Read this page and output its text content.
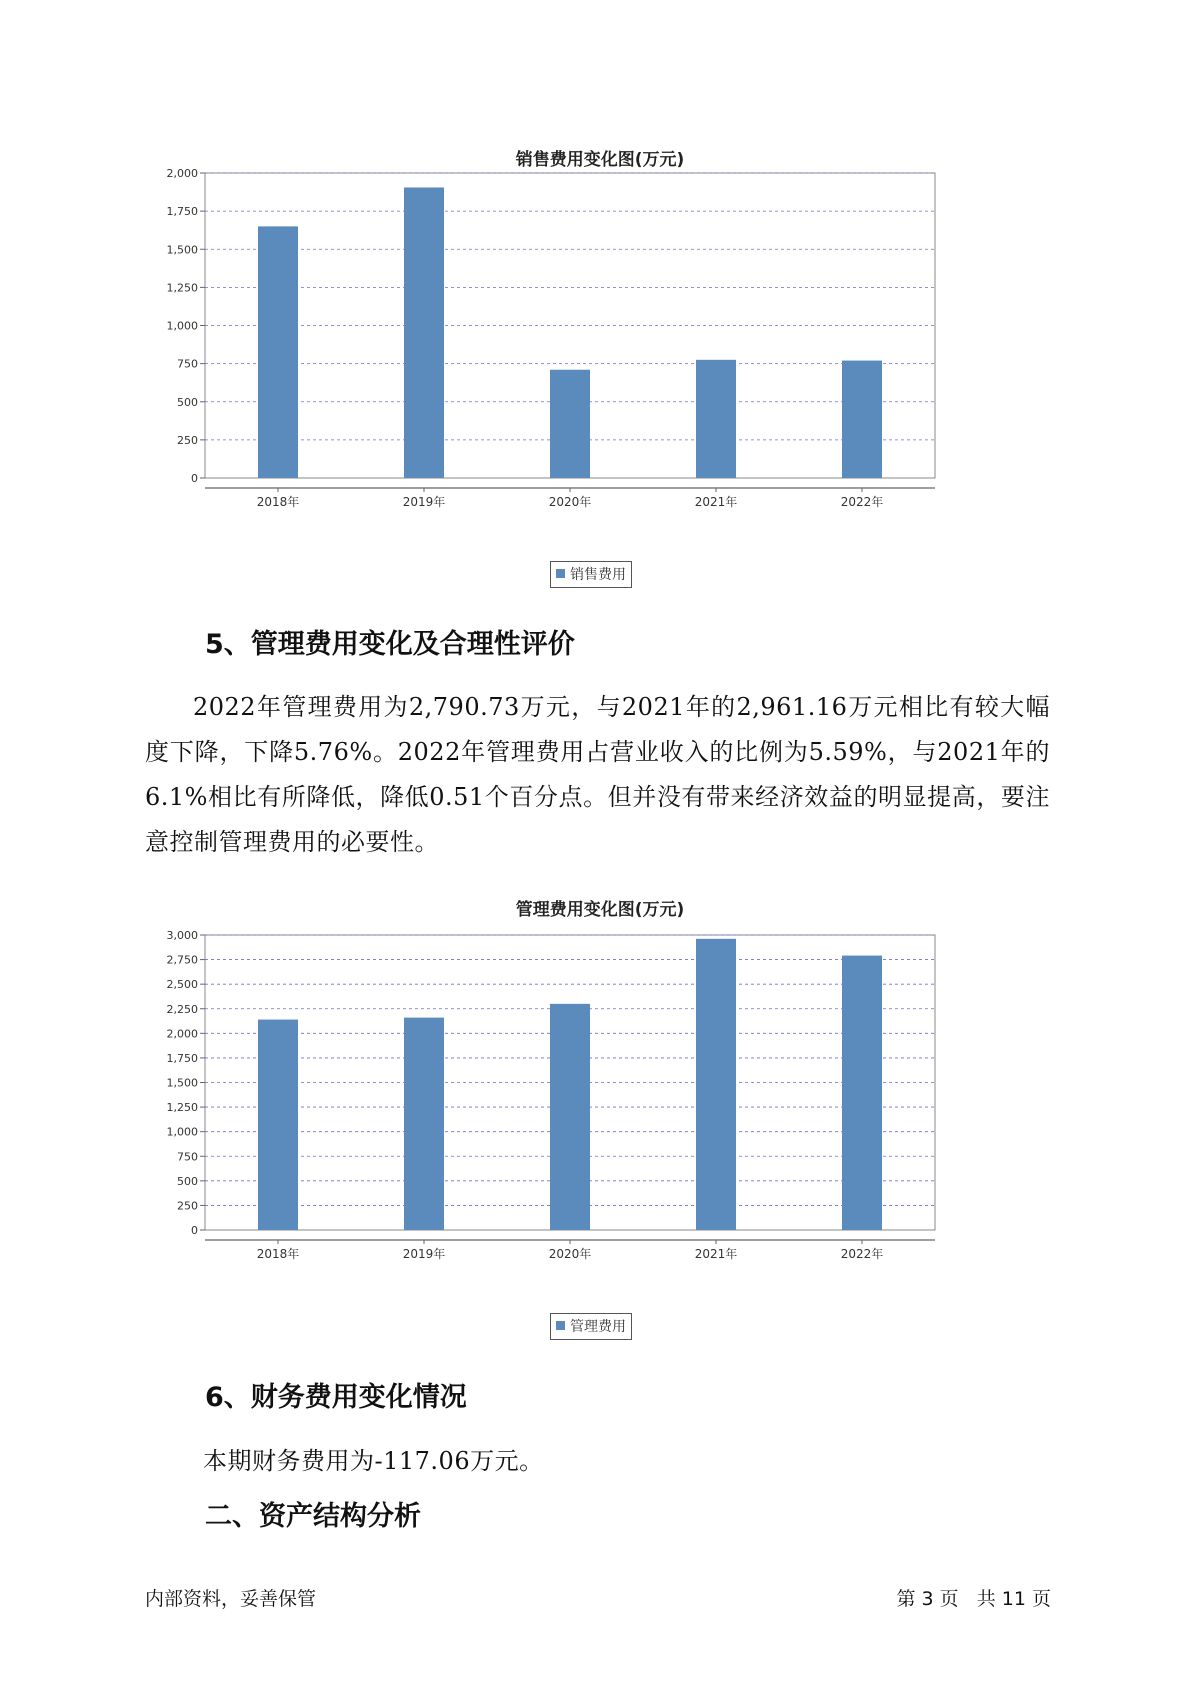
销售费用变化图(万元)
0
250
500
750
1,000
1,250
1,500
1,750
2,000
2018年	2019年	2020年	2021年	2022年
销售费用
5、管理费用变化及合理性评价
2022年管理费用为2,790.73万元，与2021年的2,961.16万元相比有较大幅度下降，下降5.76%。2022年管理费用占营业收入的比例为5.59%，与2021年的6.1%相比有所降低，降低0.51个百分点。但并没有带来经济效益的明显提高，要注意控制管理费用的必要性。
管理费用变化图(万元)
0
250
500
750
1,000
1,250
1,500
1,750
2,000
2,250
2,500
2,750
3,000
2018年	2019年	2020年	2021年	2022年
管理费用
6、财务费用变化情况
本期财务费用为-117.06万元。
二、资产结构分析
内部资料，妥善保管	第 3 页   共 11 页
